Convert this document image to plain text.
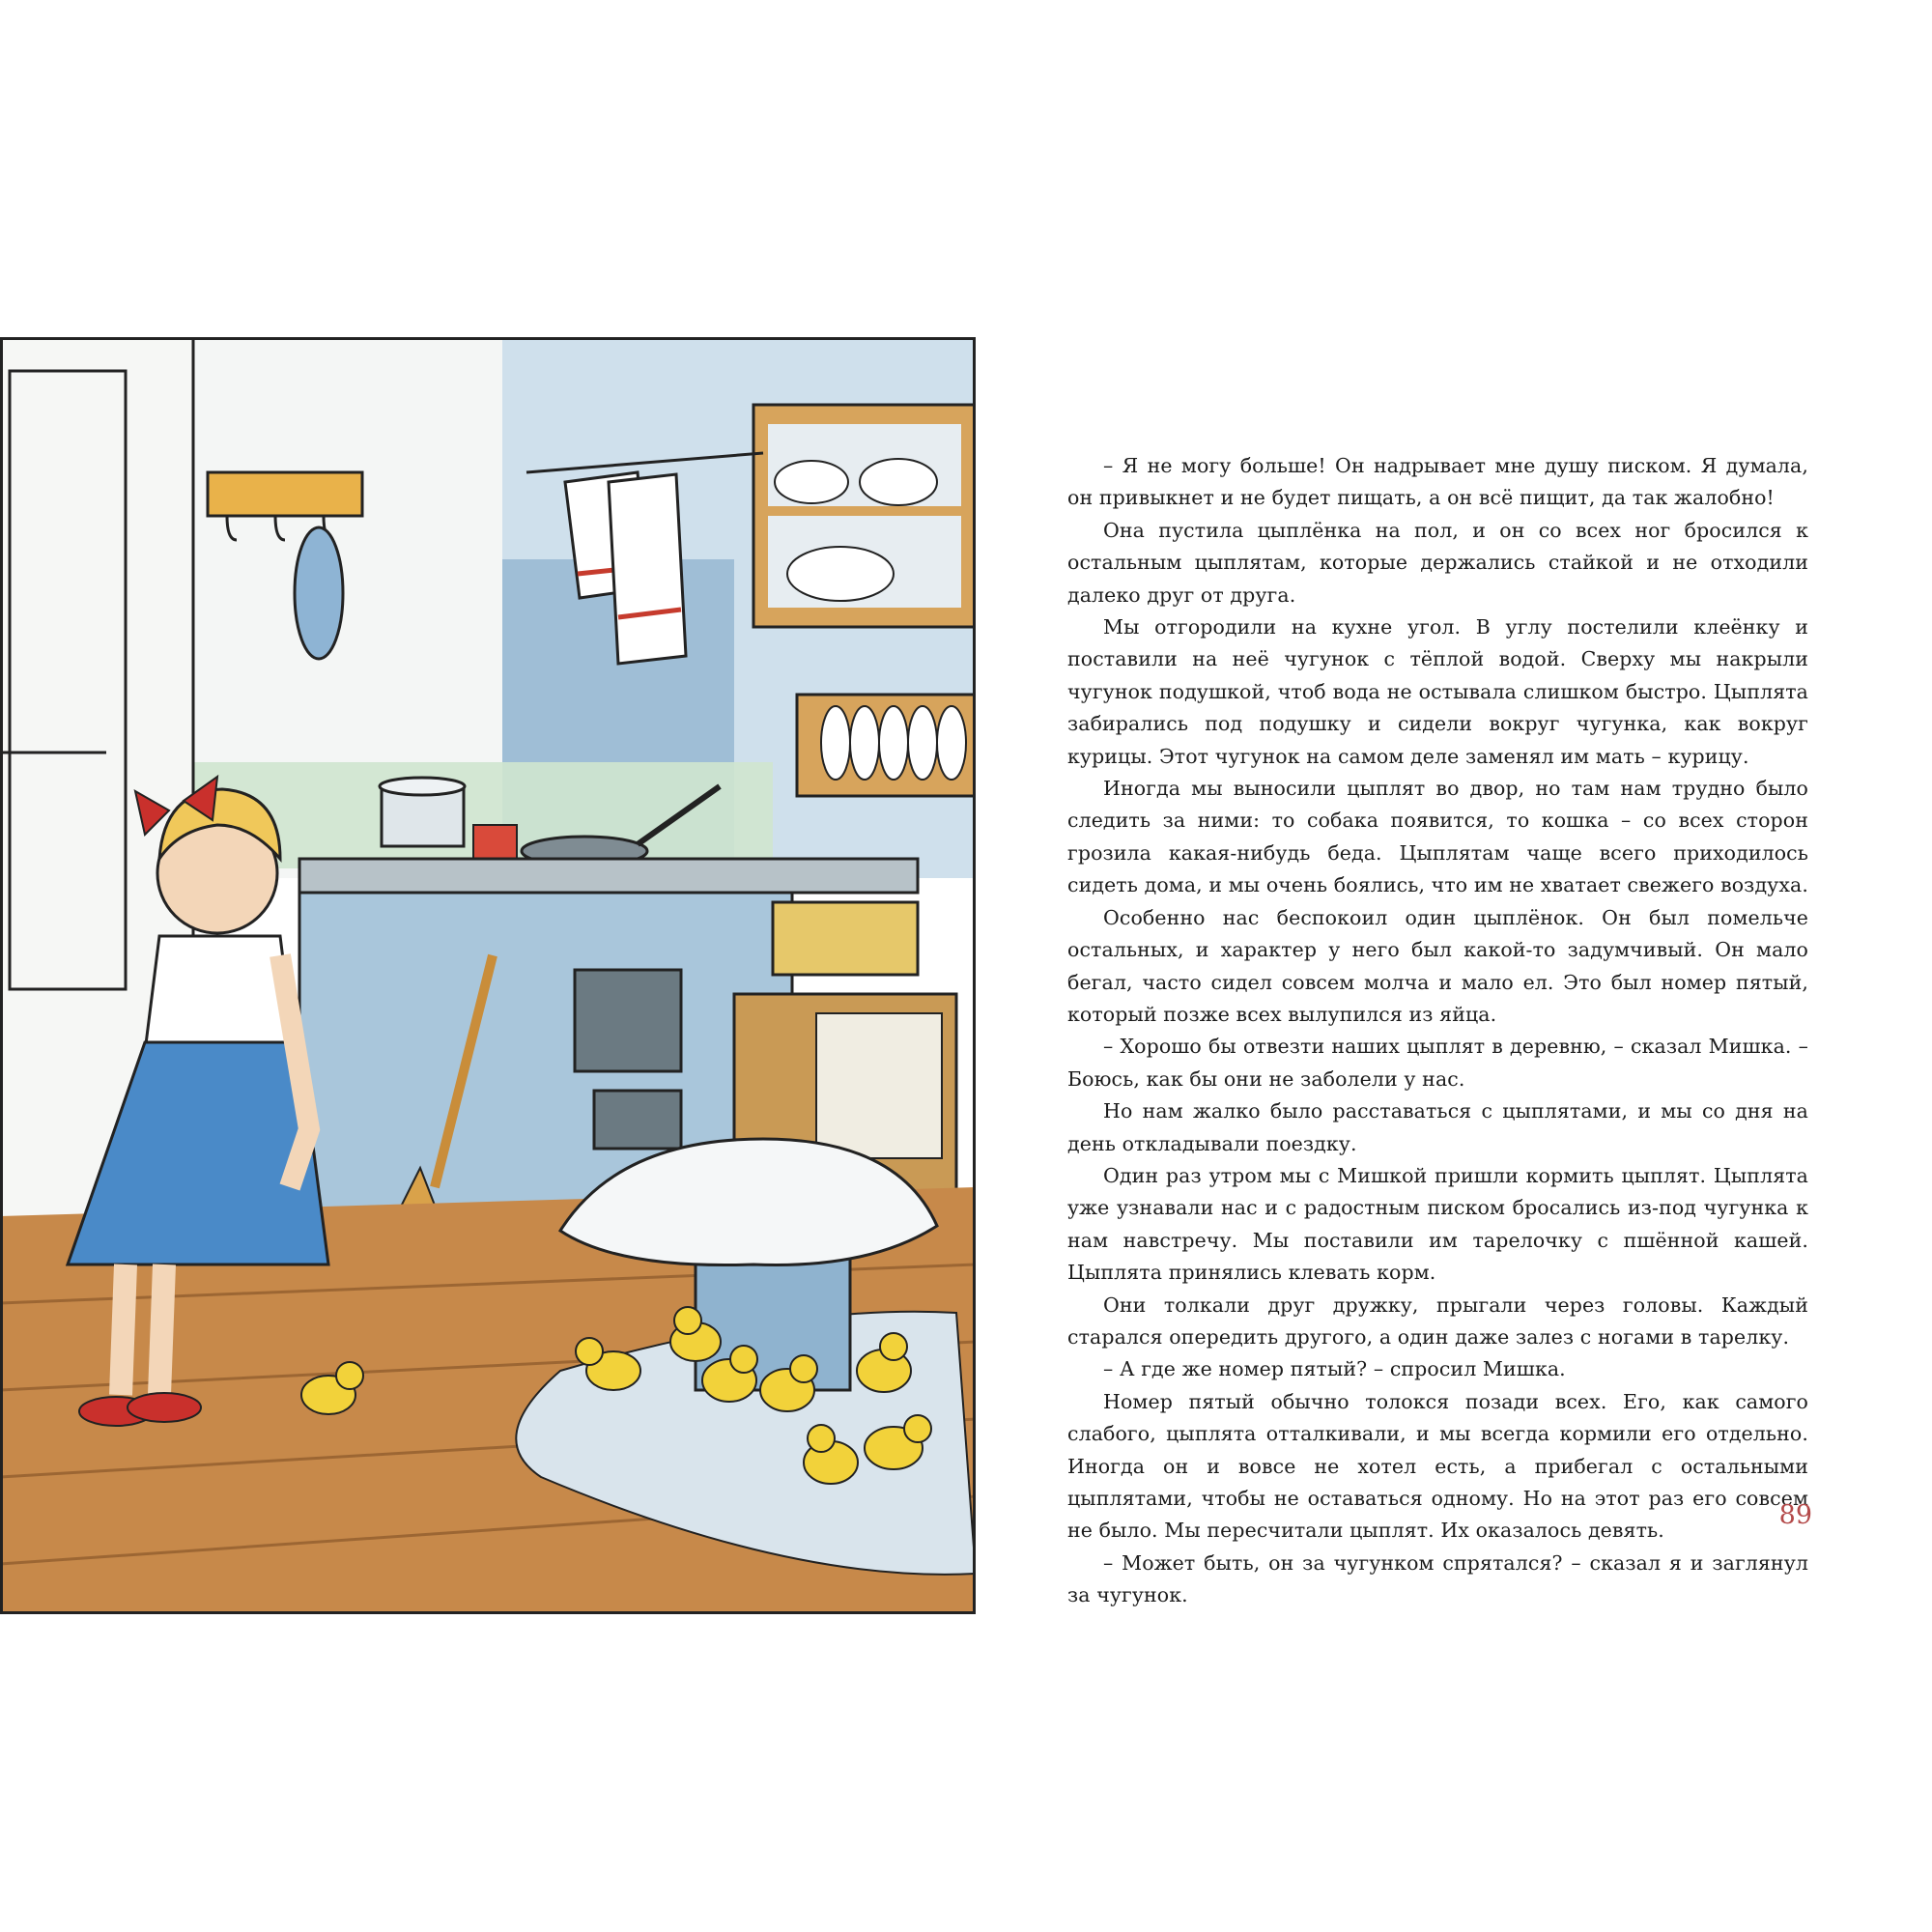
– Я не могу больше! Он надрывает мне душу писком. Я думала, он привыкнет и не будет пищать, а он всё пищит, да так жалобно!

Она пустила цыплёнка на пол, и он со всех ног бросился к остальным цыплятам, которые держались стайкой и не отходили далеко друг от друга.

Мы отгородили на кухне угол. В углу постелили клеёнку и поставили на неё чугунок с тёплой водой. Сверху мы накрыли чугунок подушкой, чтоб вода не остывала слишком быстро. Цыплята забирались под подушку и сидели вокруг чугунка, как вокруг курицы. Этот чугунок на самом деле заменял им мать – курицу.

Иногда мы выносили цыплят во двор, но там нам трудно было следить за ними: то собака появится, то кошка – со всех сторон грозила какая-нибудь беда. Цыплятам чаще всего приходилось сидеть дома, и мы очень боялись, что им не хватает свежего воздуха.

Особенно нас беспокоил один цыплёнок. Он был помельче остальных, и характер у него был какой-то задумчивый. Он мало бегал, часто сидел совсем молча и мало ел. Это был номер пятый, который позже всех вылупился из яйца.

– Хорошо бы отвезти наших цыплят в деревню, – сказал Мишка. – Боюсь, как бы они не заболели у нас.

Но нам жалко было расставаться с цыплятами, и мы со дня на день откладывали поездку.

Один раз утром мы с Мишкой пришли кормить цыплят. Цыплята уже узнавали нас и с радостным писком бросались из-под чугунка к нам навстречу. Мы поставили им тарелочку с пшённой кашей. Цыплята принялись клевать корм.

Они толкали друг дружку, прыгали через головы. Каждый старался опередить другого, а один даже залез с ногами в тарелку.

– А где же номер пятый? – спросил Мишка.

Номер пятый обычно толокся позади всех. Его, как самого слабого, цыплята отталкивали, и мы всегда кормили его отдельно. Иногда он и вовсе не хотел есть, а прибегал с остальными цыплятами, чтобы не оставаться одному. Но на этот раз его совсем не было. Мы пересчитали цыплят. Их оказалось девять.

– Может быть, он за чугунком спрятался? – сказал я и заглянул за чугунок.

89
